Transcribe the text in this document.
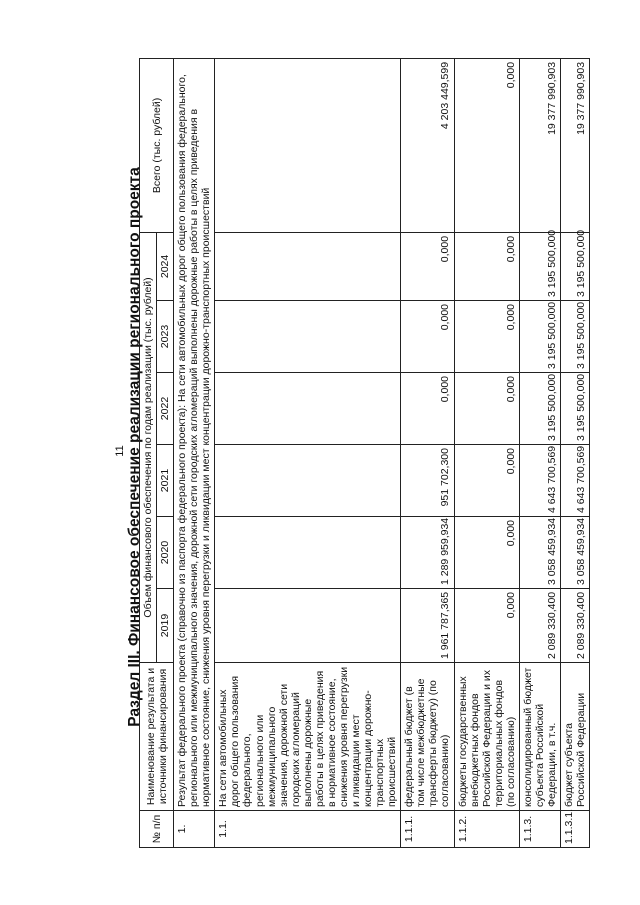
11 Раздел III. Финансовое обеспечение реализации регионального проекта
№ п/п	Наименование результата и источники финансирования	Объем финансового обеспечения по годам реализации (тыс. рублей)						Всего (тыс. рублей)
		2019	2020	2021	2022	2023	2024	
1.	Результат федерального проекта (справочно из паспорта федерального проекта): На сети автомобильных дорог общего пользования федерального, регионального или межмуниципального значения, дорожной сети городских агломераций выполнены дорожные работы в целях приведения в нормативное состояние, снижения уровня перегрузки и ликвидации мест концентрации дорожно-транспортных происшествий							
1.1.	На сети автомобильных дорог общего пользования федерального, регионального или межмуниципального значения, дорожной сети городских агломераций выполнены дорожные работы в целях приведения в нормативное состояние, снижения уровня перегрузки и ликвидации мест концентрации дорожно-транспортных происшествий							
1.1.1.	федеральный бюджет (в том числе межбюджетные трансферты бюджету) (по согласованию)	1 961 787,365	1 289 959,934	951 702,300	0,000	0,000	0,000	4 203 449,599
1.1.2.	бюджеты государственных внебюджетных фондов Российской Федерации и их территориальных фондов (по согласованию)	0,000	0,000	0,000	0,000	0,000	0,000	0,000
1.1.3.	консолидированный бюджет субъекта Российской Федерации, в т.ч.	2 089 330,400	3 058 459,934	4 643 700,569	3 195 500,000	3 195 500,000	3 195 500,000	19 377 990,903
1.1.3.1.	бюджет субъекта Российской Федерации	2 089 330,400	3 058 459,934	4 643 700,569	3 195 500,000	3 195 500,000	3 195 500,000	19 377 990,903
